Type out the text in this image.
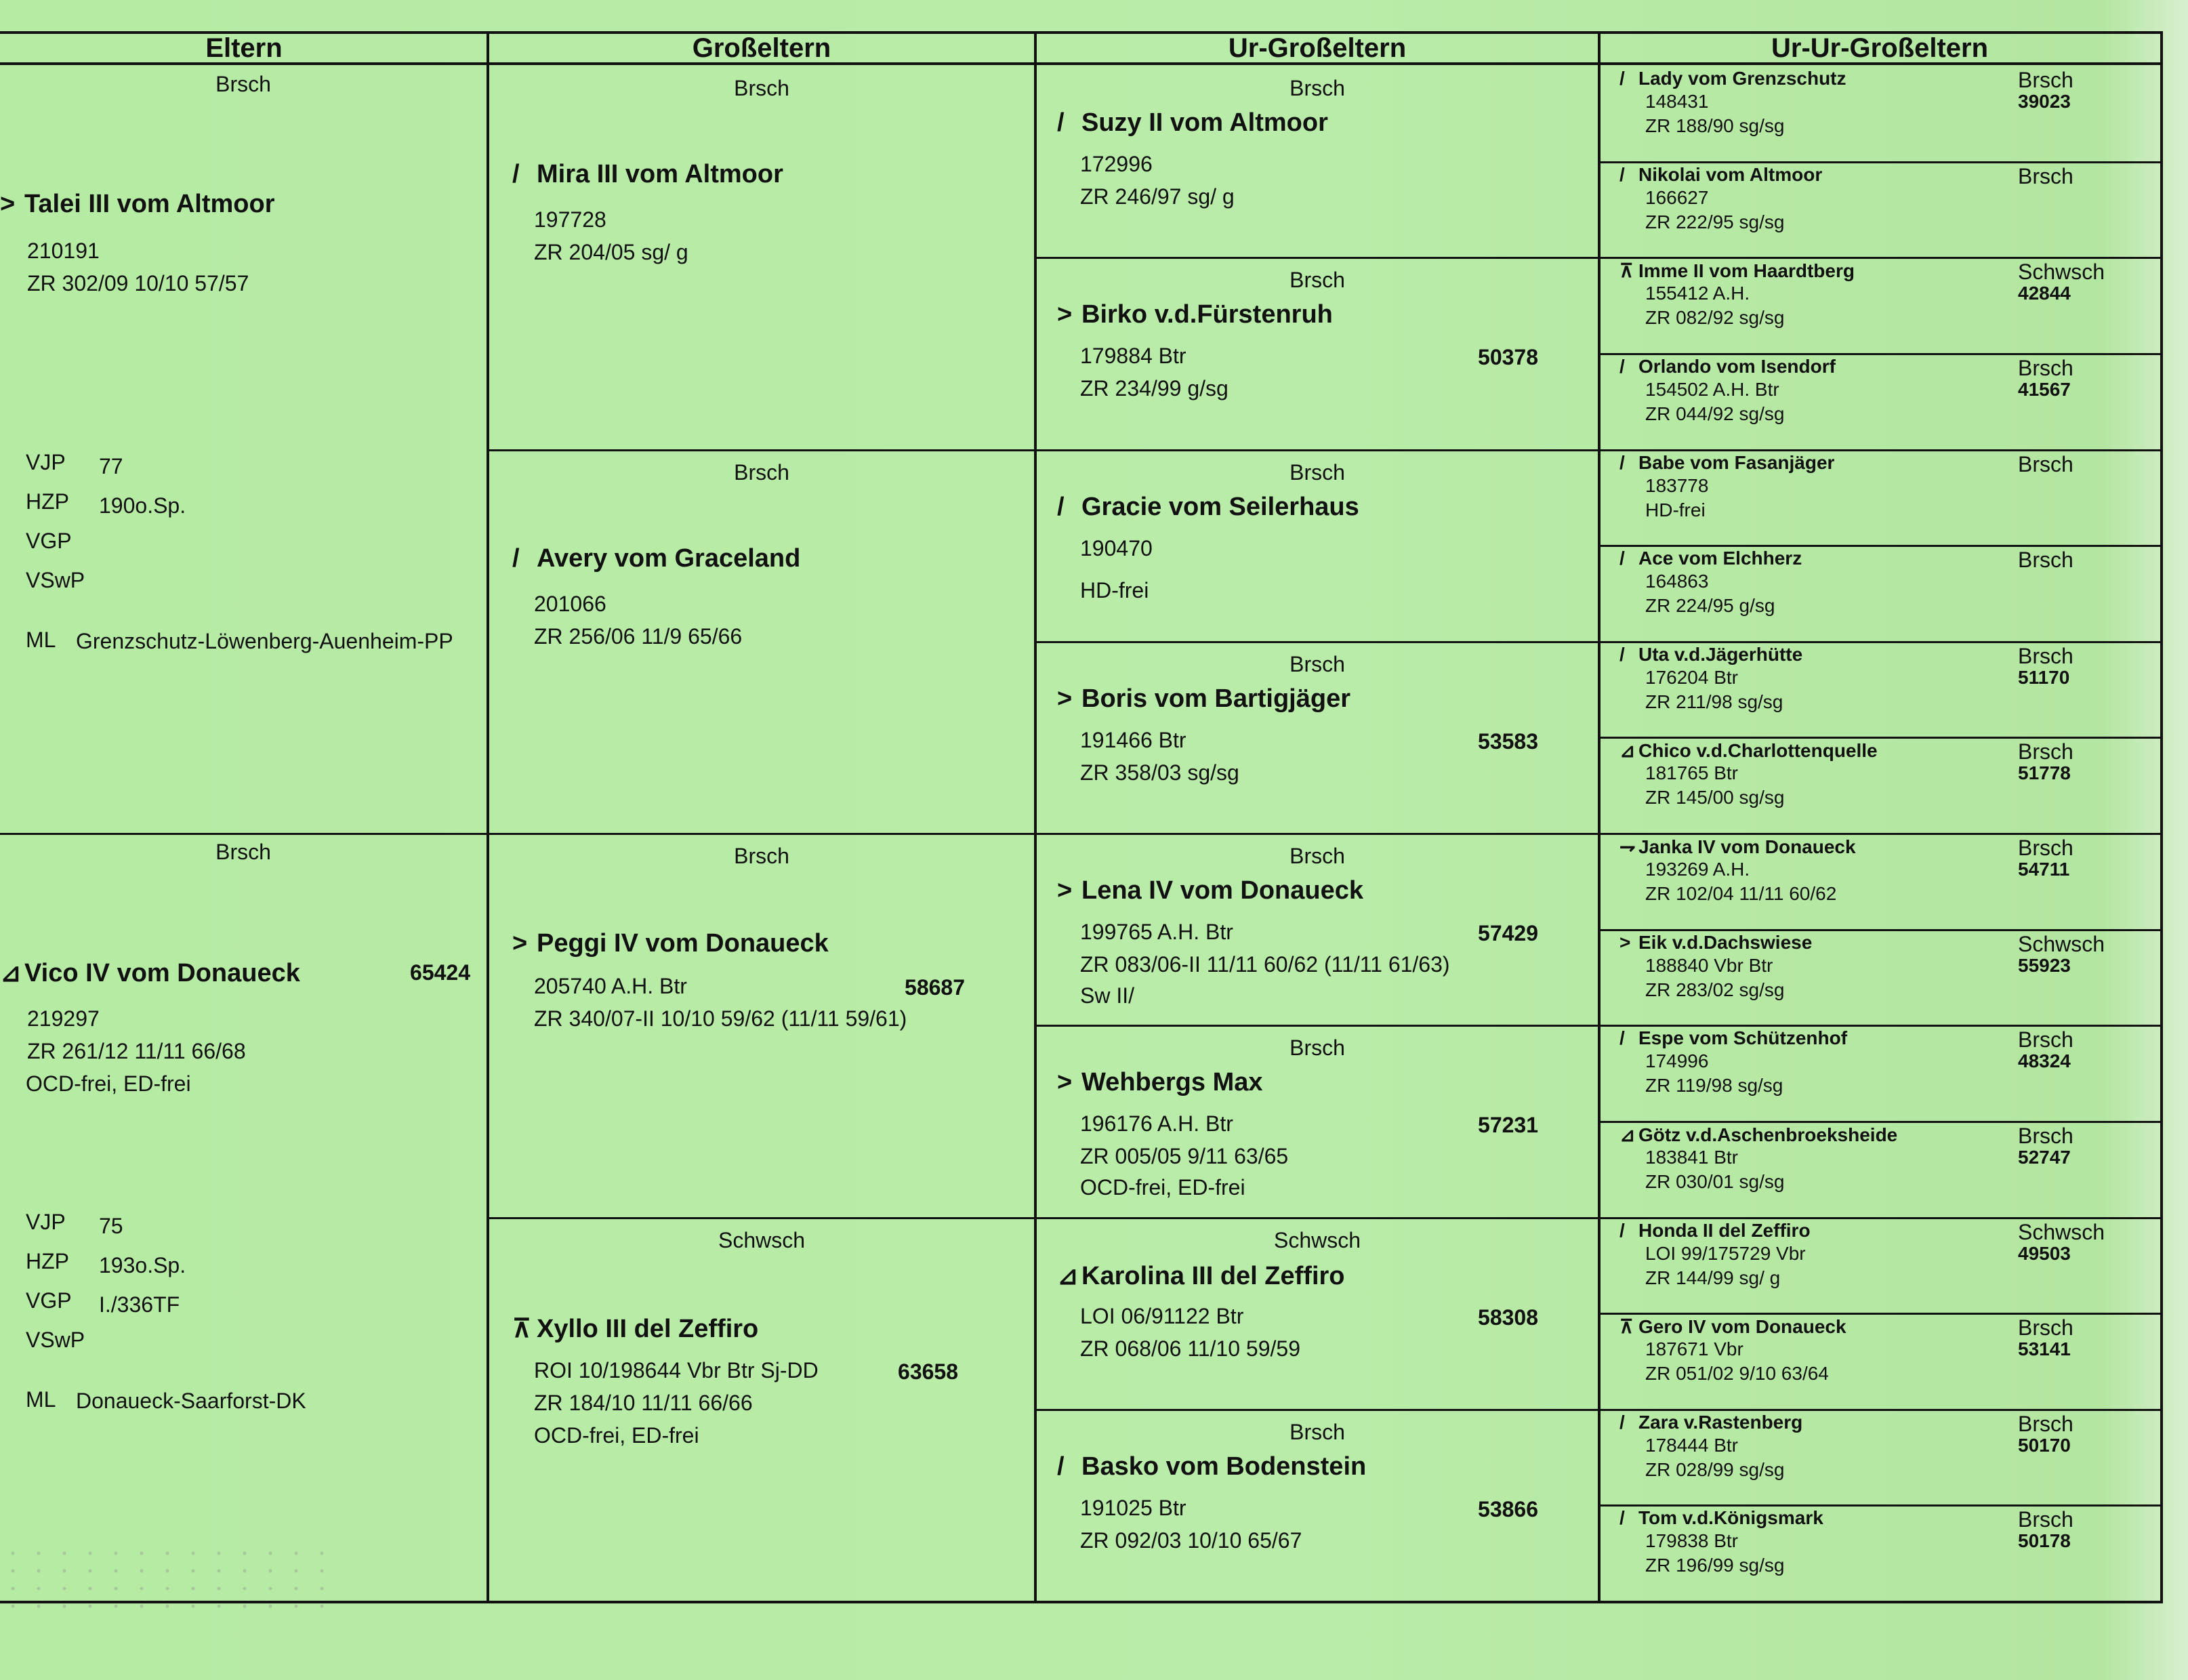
Eltern	Großeltern	Ur-Großeltern	Ur-Ur-Großeltern
Brsch
> Talei III vom Altmoor
210191
ZR 302/09 10/10 57/57
VJP 77
HZP 190o.Sp.
VGP
VSwP
ML Grenzschutz-Löwenberg-Auenheim-PP
Brsch
⊿ Vico IV vom Donaueck	65424
219297
ZR 261/12 11/11 66/68
OCD-frei, ED-frei
VJP 75
HZP 193o.Sp.
VGP I./336TF
VSwP
ML Donaueck-Saarforst-DK
Brsch
/ Mira III vom Altmoor
197728
ZR 204/05 sg/ g
Brsch
/ Avery vom Graceland
201066
ZR 256/06 11/9 65/66
Brsch
> Peggi IV vom Donaueck
205740 A.H. Btr	58687
ZR 340/07-II 10/10 59/62 (11/11 59/61)
Schwsch
⊼ Xyllo III del Zeffiro
ROI 10/198644 Vbr Btr Sj-DD	63658
ZR 184/10 11/11 66/66
OCD-frei, ED-frei
Brsch
/ Suzy II vom Altmoor
172996
ZR 246/97 sg/ g
Brsch
> Birko v.d.Fürstenruh
179884 Btr	50378
ZR 234/99 g/sg
Brsch
/ Gracie vom Seilerhaus
190470
HD-frei
Brsch
> Boris vom Bartigjäger
191466 Btr	53583
ZR 358/03 sg/sg
Brsch
> Lena IV vom Donaueck
199765 A.H. Btr	57429
ZR 083/06-II 11/11 60/62 (11/11 61/63)
Sw II/
Brsch
> Wehbergs Max
196176 A.H. Btr	57231
ZR 005/05 9/11 63/65
OCD-frei, ED-frei
Schwsch
⊿ Karolina III del Zeffiro
LOI 06/91122 Btr	58308
ZR 068/06 11/10 59/59
Brsch
/ Basko vom Bodenstein
191025 Btr	53866
ZR 092/03 10/10 65/67
/ Lady vom Grenzschutz	Brsch
39023
148431
ZR 188/90 sg/sg
/ Nikolai vom Altmoor	Brsch
166627
ZR 222/95 sg/sg
⊼ Imme II vom Haardtberg	Schwsch
42844
155412 A.H.
ZR 082/92 sg/sg
/ Orlando vom Isendorf	Brsch
41567
154502 A.H. Btr
ZR 044/92 sg/sg
/ Babe vom Fasanjäger	Brsch
183778
HD-frei
/ Ace vom Elchherz	Brsch
164863
ZR 224/95 g/sg
/ Uta v.d.Jägerhütte	Brsch
51170
176204 Btr
ZR 211/98 sg/sg
⊿ Chico v.d.Charlottenquelle	Brsch
51778
181765 Btr
ZR 145/00 sg/sg
⇁ Janka IV vom Donaueck	Brsch
54711
193269 A.H.
ZR 102/04 11/11 60/62
> Eik v.d.Dachswiese	Schwsch
55923
188840 Vbr Btr
ZR 283/02 sg/sg
/ Espe vom Schützenhof	Brsch
48324
174996
ZR 119/98 sg/sg
⊿ Götz v.d.Aschenbroeksheide	Brsch
52747
183841 Btr
ZR 030/01 sg/sg
/ Honda II del Zeffiro	Schwsch
49503
LOI 99/175729 Vbr
ZR 144/99 sg/ g
⊼ Gero IV vom Donaueck	Brsch
53141
187671 Vbr
ZR 051/02 9/10 63/64
/ Zara v.Rastenberg	Brsch
50170
178444 Btr
ZR 028/99 sg/sg
/ Tom v.d.Königsmark	Brsch
50178
179838 Btr
ZR 196/99 sg/sg
